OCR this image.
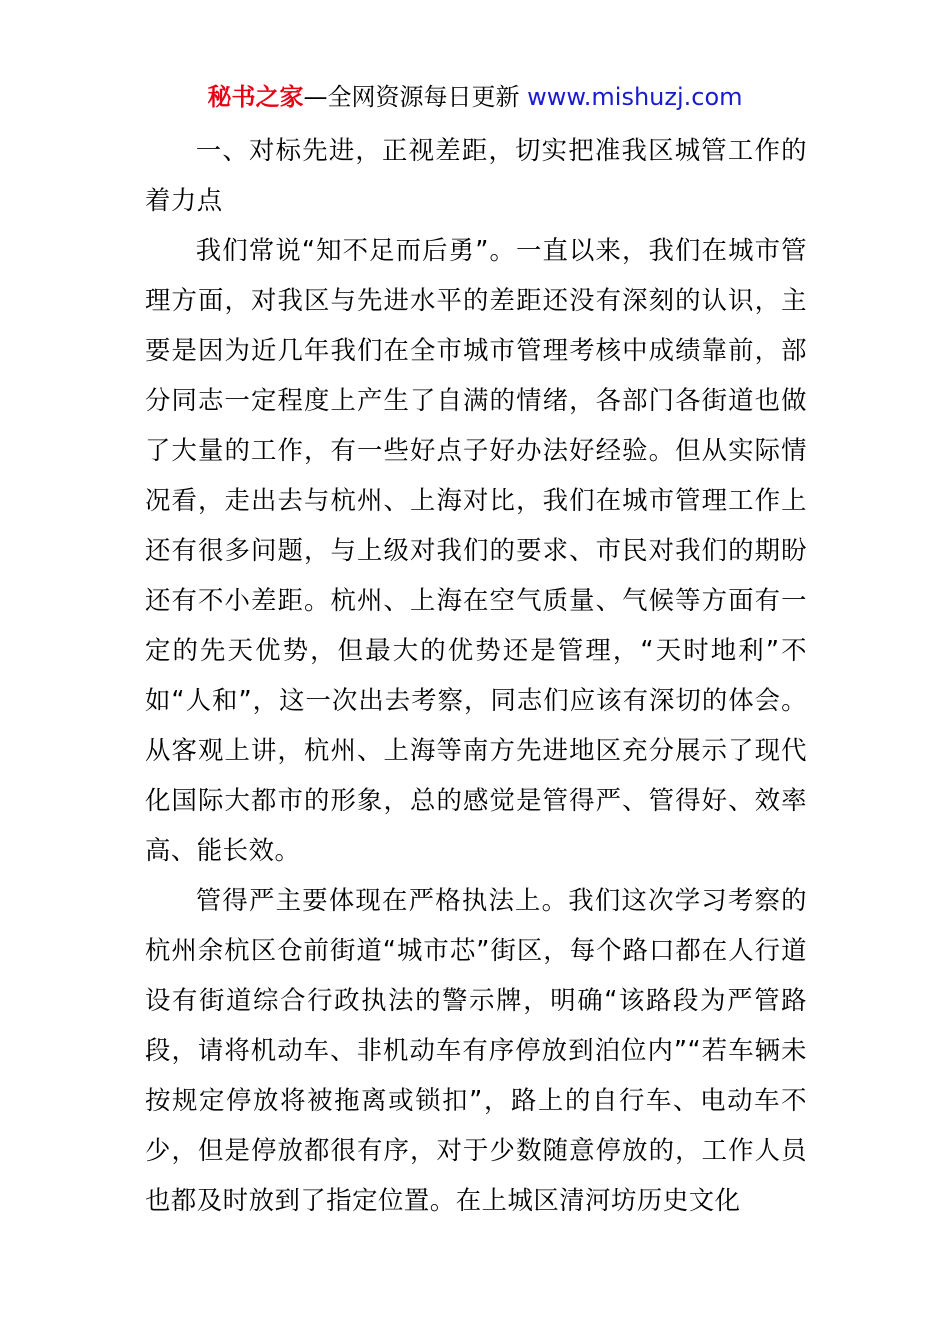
秘书之家—全网资源每日更新 www.mishuzj.com

一、对标先进，正视差距，切实把准我区城管工作的着力点

我们常说“知不足而后勇”。一直以来，我们在城市管理方面，对我区与先进水平的差距还没有深刻的认识，主要是因为近几年我们在全市城市管理考核中成绩靠前，部分同志一定程度上产生了自满的情绪，各部门各街道也做了大量的工作，有一些好点子好办法好经验。但从实际情况看，走出去与杭州、上海对比，我们在城市管理工作上还有很多问题，与上级对我们的要求、市民对我们的期盼还有不小差距。杭州、上海在空气质量、气候等方面有一定的先天优势，但最大的优势还是管理，“天时地利”不如“人和”，这一次出去考察，同志们应该有深切的体会。从客观上讲，杭州、上海等南方先进地区充分展示了现代化国际大都市的形象，总的感觉是管得严、管得好、效率高、能长效。

管得严主要体现在严格执法上。我们这次学习考察的杭州余杭区仓前街道“城市芯”街区，每个路口都在人行道设有街道综合行政执法的警示牌，明确“该路段为严管路段，请将机动车、非机动车有序停放到泊位内”“若车辆未按规定停放将被拖离或锁扣”，路上的自行车、电动车不少，但是停放都很有序，对于少数随意停放的，工作人员也都及时放到了指定位置。在上城区清河坊历史文化
